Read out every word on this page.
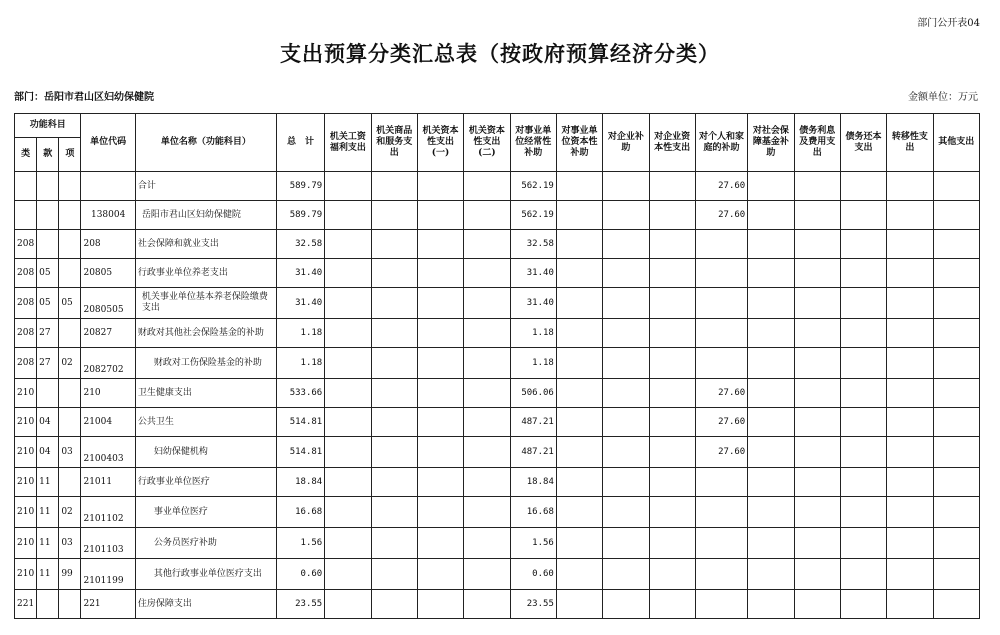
部门公开表04
支出预算分类汇总表（按政府预算经济分类）
部门：岳阳市君山区妇幼保健院	金额单位：万元
功能科目			单位代码	单位名称（功能科目）	总　计	机关工资福利支出	机关商品和服务支出	机关资本性支出(一)	机关资本性支出(二)	对事业单位经常性补助	对事业单位资本性补助	对企业补助	对企业资本性支出	对个人和家庭的补助	对社会保障基金补助	债务利息及费用支出	债务还本支出	转移性支出	其他支出
类	款	项																	
				合计	589.79					562.19				27.60					
			138004	岳阳市君山区妇幼保健院	589.79					562.19				27.60					
208			208	社会保障和就业支出	32.58					32.58									
208	05		20805	行政事业单位养老支出	31.40					31.40									
208	05	05	2080505	机关事业单位基本养老保险缴费支出	31.40					31.40									
208	27		20827	财政对其他社会保险基金的补助	1.18					1.18									
208	27	02	2082702	财政对工伤保险基金的补助	1.18					1.18									
210			210	卫生健康支出	533.66					506.06				27.60					
210	04		21004	公共卫生	514.81					487.21				27.60					
210	04	03	2100403	妇幼保健机构	514.81					487.21				27.60					
210	11		21011	行政事业单位医疗	18.84					18.84									
210	11	02	2101102	事业单位医疗	16.68					16.68									
210	11	03	2101103	公务员医疗补助	1.56					1.56									
210	11	99	2101199	其他行政事业单位医疗支出	0.60					0.60									
221			221	住房保障支出	23.55					23.55									
